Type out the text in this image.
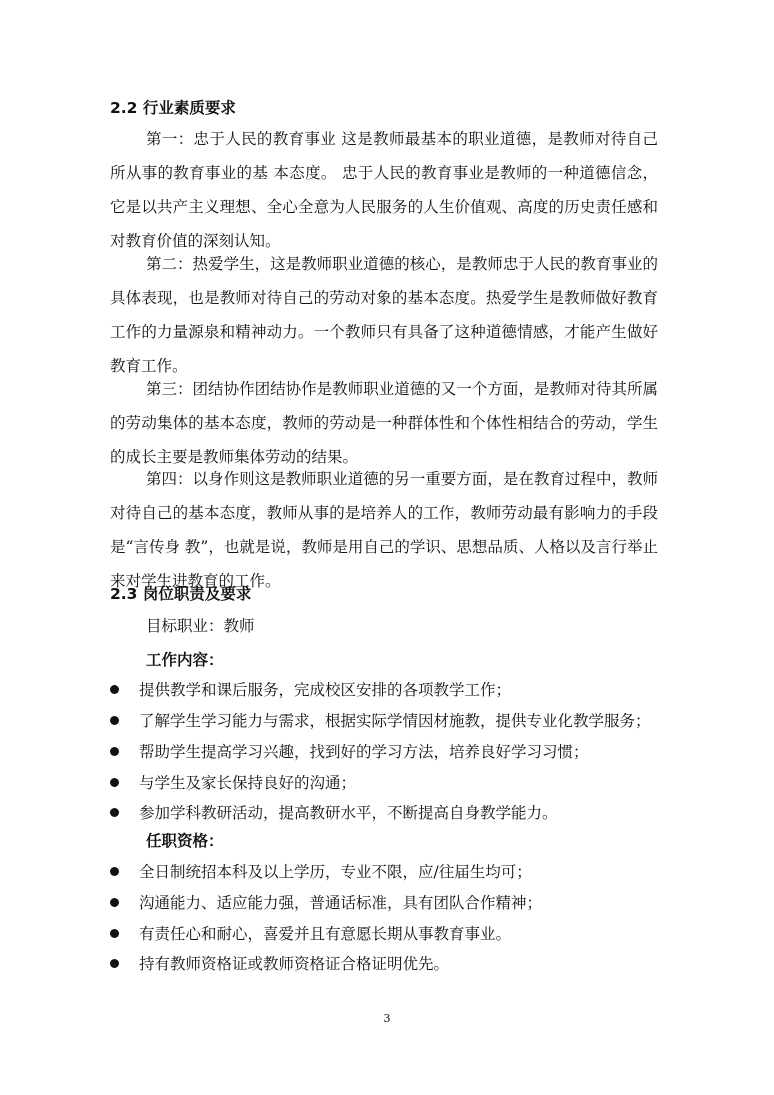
2.2 行业素质要求

第一：忠于人民的教育事业 这是教师最基本的职业道德，是教师对待自己所从事的教育事业的基 本态度。 忠于人民的教育事业是教师的一种道德信念，它是以共产主义理想、全心全意为人民服务的人生价值观、高度的历史责任感和对教育价值的深刻认知。

第二：热爱学生，这是教师职业道德的核心，是教师忠于人民的教育事业的具体表现，也是教师对待自己的劳动对象的基本态度。热爱学生是教师做好教育工作的力量源泉和精神动力。一个教师只有具备了这种道德情感，才能产生做好教育工作。

第三：团结协作团结协作是教师职业道德的又一个方面，是教师对待其所属的劳动集体的基本态度，教师的劳动是一种群体性和个体性相结合的劳动，学生的成长主要是教师集体劳动的结果。

第四：以身作则这是教师职业道德的另一重要方面，是在教育过程中，教师对待自己的基本态度，教师从事的是培养人的工作，教师劳动最有影响力的手段是“言传身 教”，也就是说，教师是用自己的学识、思想品质、人格以及言行举止来对学生进教育的工作。

2.3 岗位职责及要求
目标职业：教师
工作内容：
提供教学和课后服务，完成校区安排的各项教学工作；
了解学生学习能力与需求，根据实际学情因材施教，提供专业化教学服务；
帮助学生提高学习兴趣，找到好的学习方法，培养良好学习习惯；
与学生及家长保持良好的沟通；
参加学科教研活动，提高教研水平，不断提高自身教学能力。
任职资格：
全日制统招本科及以上学历，专业不限，应/往届生均可；
沟通能力、适应能力强，普通话标准，具有团队合作精神；
有责任心和耐心，喜爱并且有意愿长期从事教育事业。
持有教师资格证或教师资格证合格证明优先。
3
